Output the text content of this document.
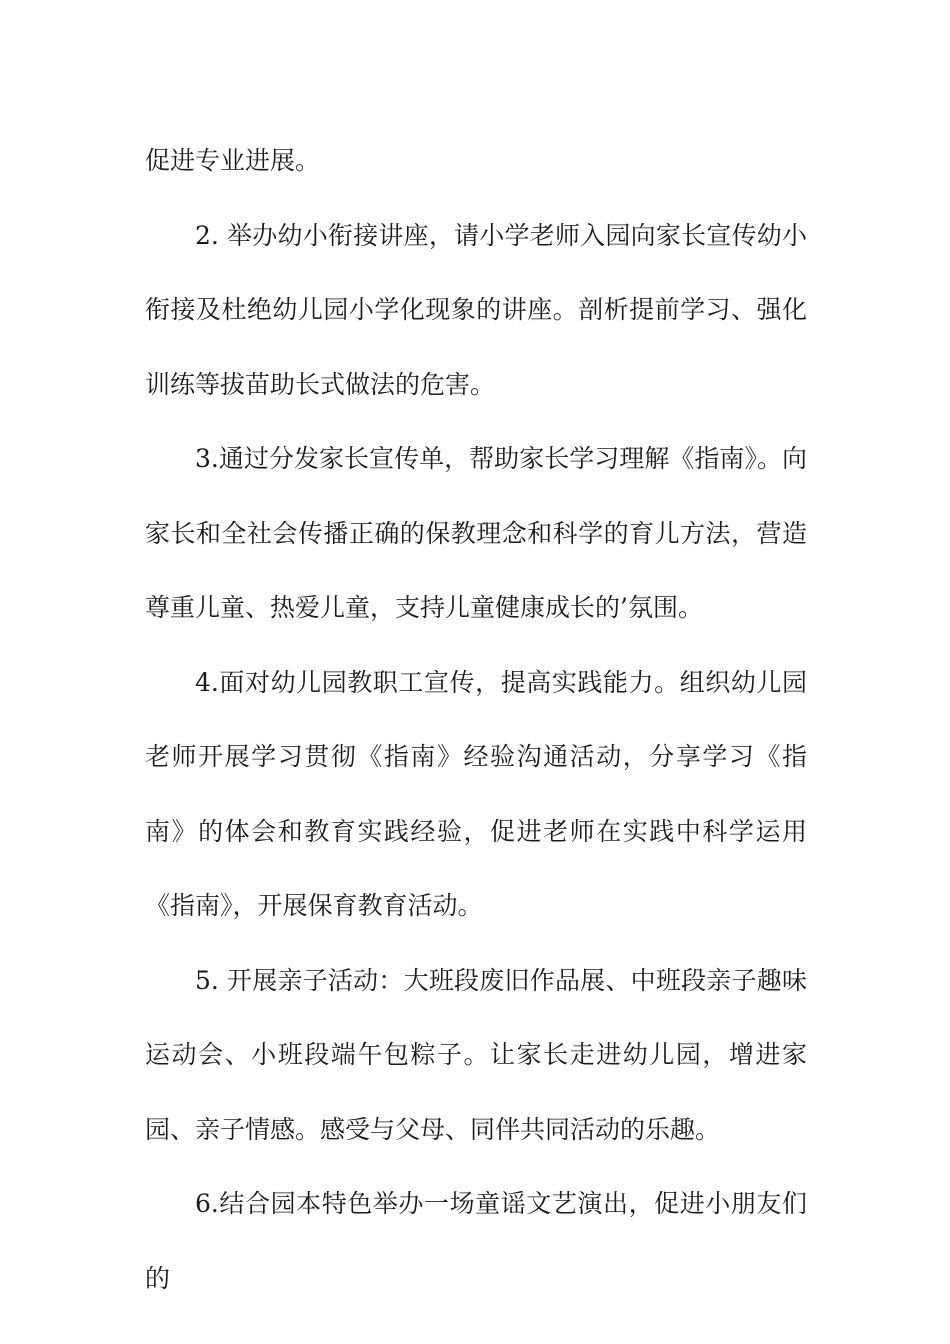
促进专业进展。

2. 举办幼小衔接讲座，请小学老师入园向家长宣传幼小衔接及杜绝幼儿园小学化现象的讲座。剖析提前学习、强化训练等拔苗助长式做法的危害。

3.通过分发家长宣传单，帮助家长学习理解《指南》。向家长和全社会传播正确的保教理念和科学的育儿方法，营造尊重儿童、热爱儿童，支持儿童健康成长的’氛围。

4.面对幼儿园教职工宣传，提高实践能力。组织幼儿园老师开展学习贯彻《指南》经验沟通活动，分享学习《指南》的体会和教育实践经验，促进老师在实践中科学运用《指南》，开展保育教育活动。

5. 开展亲子活动：大班段废旧作品展、中班段亲子趣味运动会、小班段端午包粽子。让家长走进幼儿园，增进家园、亲子情感。感受与父母、同伴共同活动的乐趣。

6.结合园本特色举办一场童谣文艺演出，促进小朋友们的
